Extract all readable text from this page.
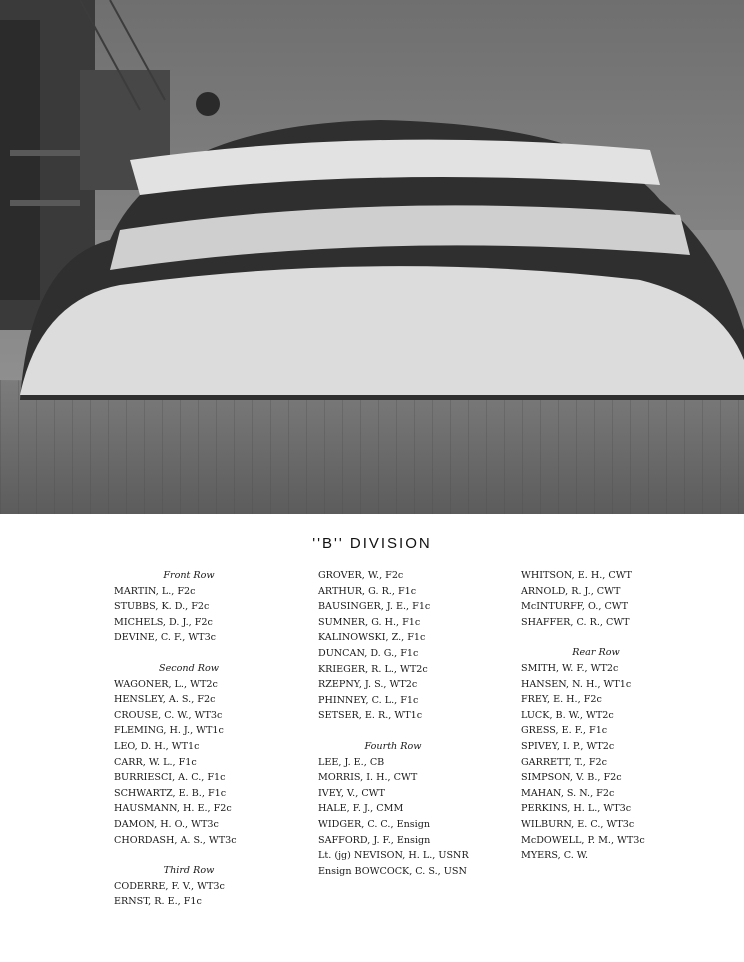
''B'' DIVISION
Front Row
MARTIN, L., F2c
STUBBS, K. D., F2c
MICHELS, D. J., F2c
DEVINE, C. F., WT3c
Second Row
WAGONER, L., WT2c
HENSLEY, A. S., F2c
CROUSE, C. W., WT3c
FLEMING, H. J., WT1c
LEO, D. H., WT1c
CARR, W. L., F1c
BURRIESCI, A. C., F1c
SCHWARTZ, E. B., F1c
HAUSMANN, H. E., F2c
DAMON, H. O., WT3c
CHORDASH, A. S., WT3c
Third Row
CODERRE, F. V., WT3c
ERNST, R. E., F1c
GROVER, W., F2c
ARTHUR, G. R., F1c
BAUSINGER, J. E., F1c
SUMNER, G. H., F1c
KALINOWSKI, Z., F1c
DUNCAN, D. G., F1c
KRIEGER, R. L., WT2c
RZEPNY, J. S., WT2c
PHINNEY, C. L., F1c
SETSER, E. R., WT1c
Fourth Row
LEE, J. E., CB
MORRIS, I. H., CWT
IVEY, V., CWT
HALE, F. J., CMM
WIDGER, C. C., Ensign
SAFFORD, J. F., Ensign
Lt. (jg) NEVISON, H. L., USNR
Ensign BOWCOCK, C. S., USN
WHITSON, E. H., CWT
ARNOLD, R. J., CWT
McINTURFF, O., CWT
SHAFFER, C. R., CWT
Rear Row
SMITH, W. F., WT2c
HANSEN, N. H., WT1c
FREY, E. H., F2c
LUCK, B. W., WT2c
GRESS, E. F., F1c
SPIVEY, I. P., WT2c
GARRETT, T., F2c
SIMPSON, V. B., F2c
MAHAN, S. N., F2c
PERKINS, H. L., WT3c
WILBURN, E. C., WT3c
McDOWELL, P. M., WT3c
MYERS, C. W.
